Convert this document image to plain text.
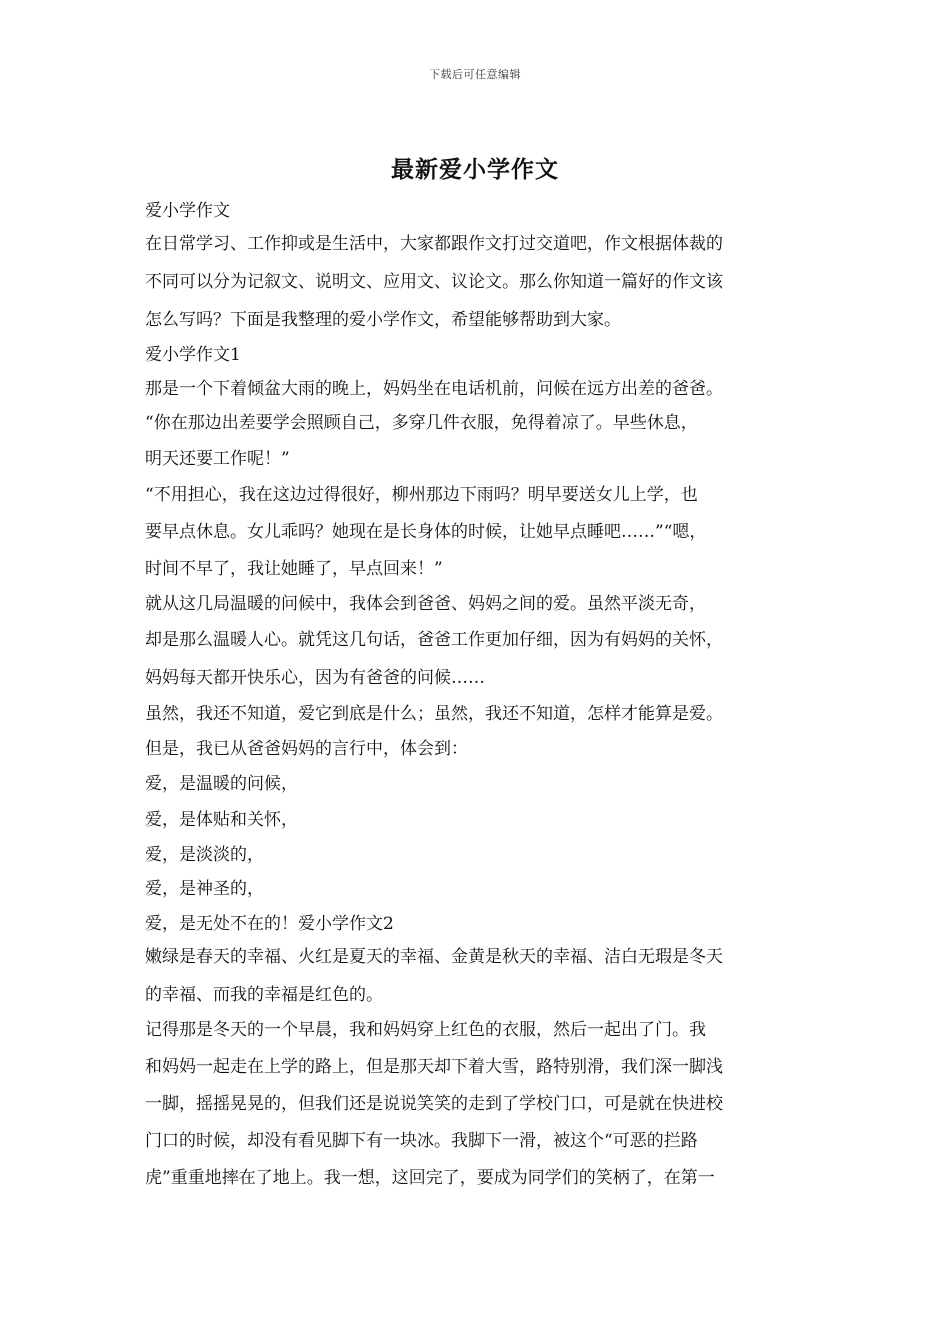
下载后可任意编辑
最新爱小学作文
爱小学作文
在日常学习、工作抑或是生活中，大家都跟作文打过交道吧，作文根据体裁的
不同可以分为记叙文、说明文、应用文、议论文。那么你知道一篇好的作文该
怎么写吗？下面是我整理的爱小学作文，希望能够帮助到大家。
爱小学作文1
那是一个下着倾盆大雨的晚上，妈妈坐在电话机前，问候在远方出差的爸爸。
“你在那边出差要学会照顾自己，多穿几件衣服，免得着凉了。早些休息，
明天还要工作呢！”
“不用担心，我在这边过得很好，柳州那边下雨吗？明早要送女儿上学，也
要早点休息。女儿乖吗？她现在是长身体的时候，让她早点睡吧……”“嗯，
时间不早了，我让她睡了，早点回来！”
就从这几局温暖的问候中，我体会到爸爸、妈妈之间的爱。虽然平淡无奇，
却是那么温暖人心。就凭这几句话，爸爸工作更加仔细，因为有妈妈的关怀，
妈妈每天都开快乐心，因为有爸爸的问候……
虽然，我还不知道，爱它到底是什么；虽然，我还不知道，怎样才能算是爱。
但是，我已从爸爸妈妈的言行中，体会到：
爱，是温暖的问候，
爱，是体贴和关怀，
爱，是淡淡的，
爱，是神圣的，
爱，是无处不在的！爱小学作文2
嫩绿是春天的幸福、火红是夏天的幸福、金黄是秋天的幸福、洁白无瑕是冬天
的幸福、而我的幸福是红色的。
记得那是冬天的一个早晨，我和妈妈穿上红色的衣服，然后一起出了门。我
和妈妈一起走在上学的路上，但是那天却下着大雪，路特别滑，我们深一脚浅
一脚，摇摇晃晃的，但我们还是说说笑笑的走到了学校门口，可是就在快进校
门口的时候，却没有看见脚下有一块冰。我脚下一滑，被这个“可恶的拦路
虎”重重地摔在了地上。我一想，这回完了，要成为同学们的笑柄了，在第一
